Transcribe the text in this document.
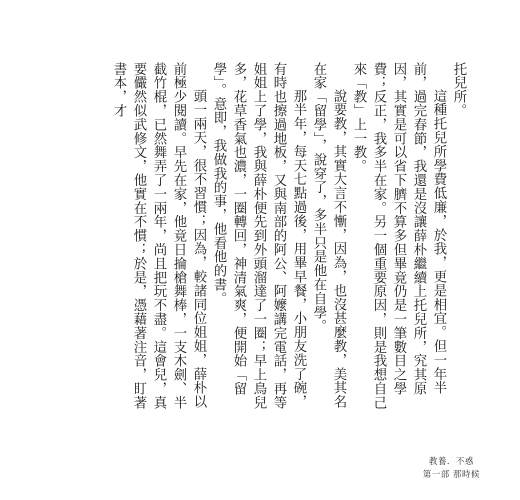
托兒所。

這種托兒所學費低廉，於我，更是相宜。但一年半前，過完春節，我還是沒讓薛朴繼續上托兒所，究其原因，其實是可以省下臍不算多但畢竟仍是一筆數目之學費；反正，我多半在家。另一個重要原因，則是我想自己來「教」上一教。

說要教，其實大言不慚，因為，也沒甚麼教，美其名在家「留學」，說穿了，多半只是他在自學。

那半年，每天七點過後，用畢早餐，小朋友洗了碗，有時也擦過地板，又與南部的阿公、阿嬤講完電話，再等姐姐上了學，我與薛朴便先到外頭溜達了一圈；早上鳥兒多，花草香氣也濃，一圈轉回，神清氣爽，便開始「留學」。意即，我做我的事，他看他的書。

頭一兩天，很不習慣；因為，較諸同位姐姐，薛朴以前極少閱讀。早先在家，他竟日掄槍舞棒，一支木劍、半截竹棍，已然舞弄了一兩年，尚且把玩不盡。這會兒，真要儼然似武修文，他實在不慣；於是，憑藉著注音，盯著書本，才

教養．不惑
第一部 那時候
